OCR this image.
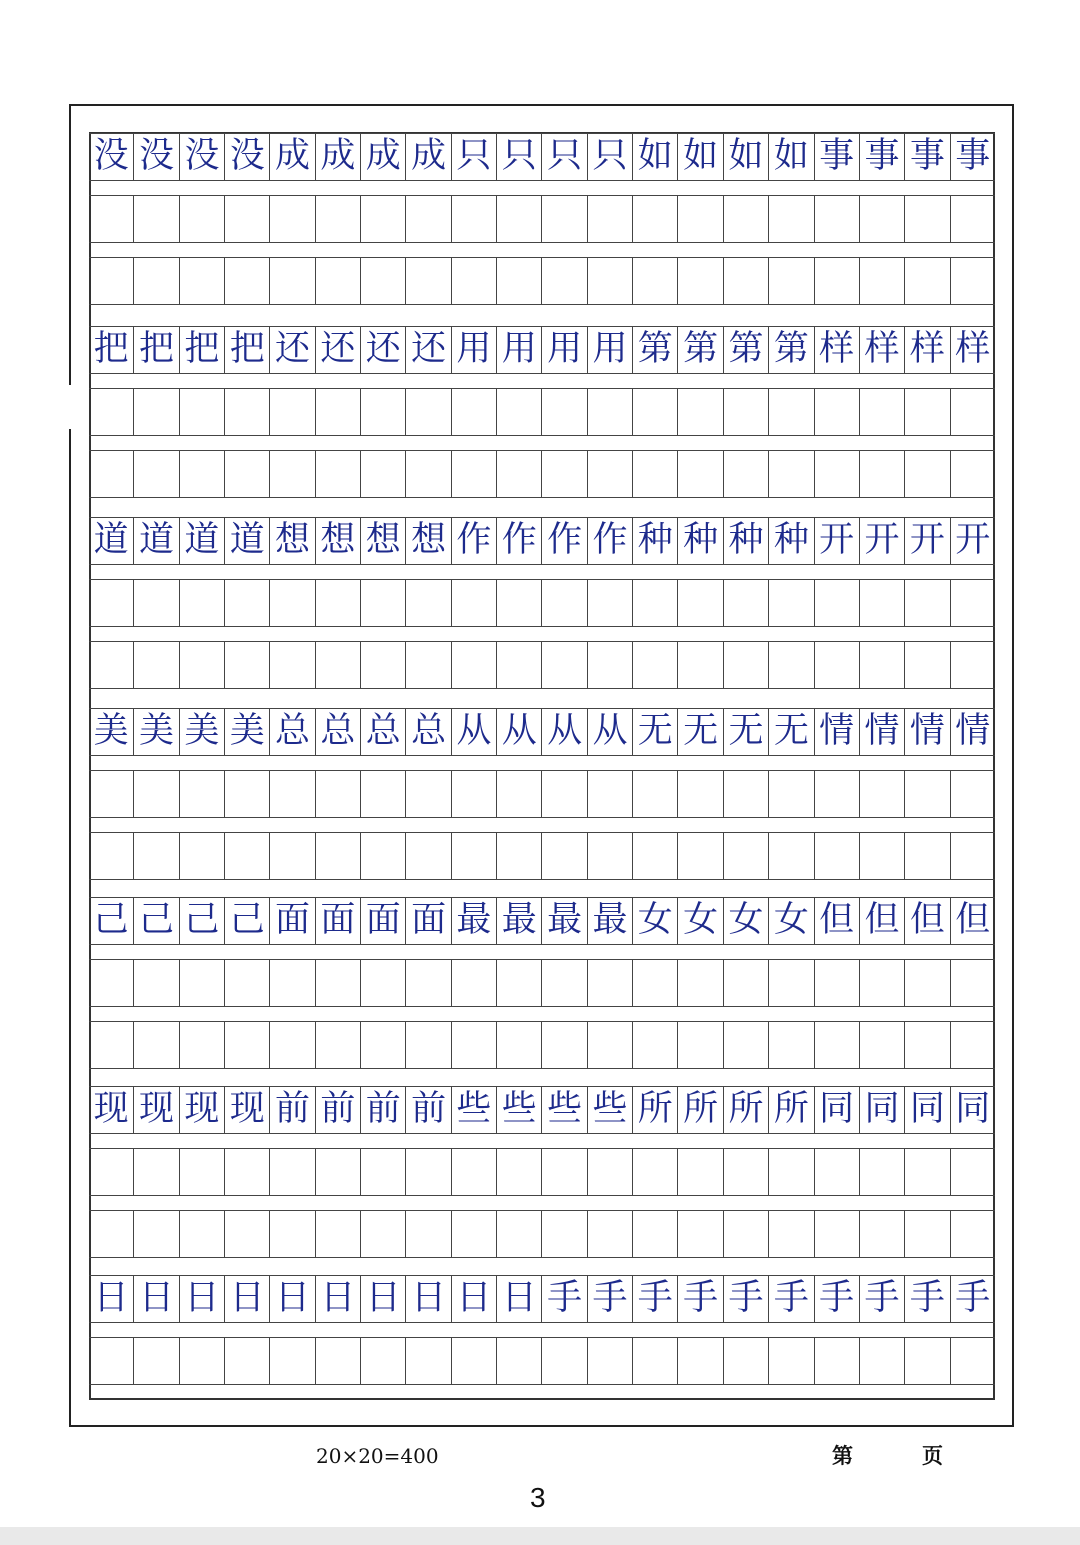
没 没 没 没 成 成 成 成 只 只 只 只 如 如 如 如 事 事 事 事
把 把 把 把 还 还 还 还 用 用 用 用 第 第 第 第 样 样 样 样
道 道 道 道 想 想 想 想 作 作 作 作 种 种 种 种 开 开 开 开
美 美 美 美 总 总 总 总 从 从 从 从 无 无 无 无 情 情 情 情
己 己 己 己 面 面 面 面 最 最 最 最 女 女 女 女 但 但 但 但
现 现 现 现 前 前 前 前 些 些 些 些 所 所 所 所 同 同 同 同
日 日 日 日 日 日 日 日 日 日 手 手 手 手 手 手 手 手 手 手
20×20=400	第	页
3
